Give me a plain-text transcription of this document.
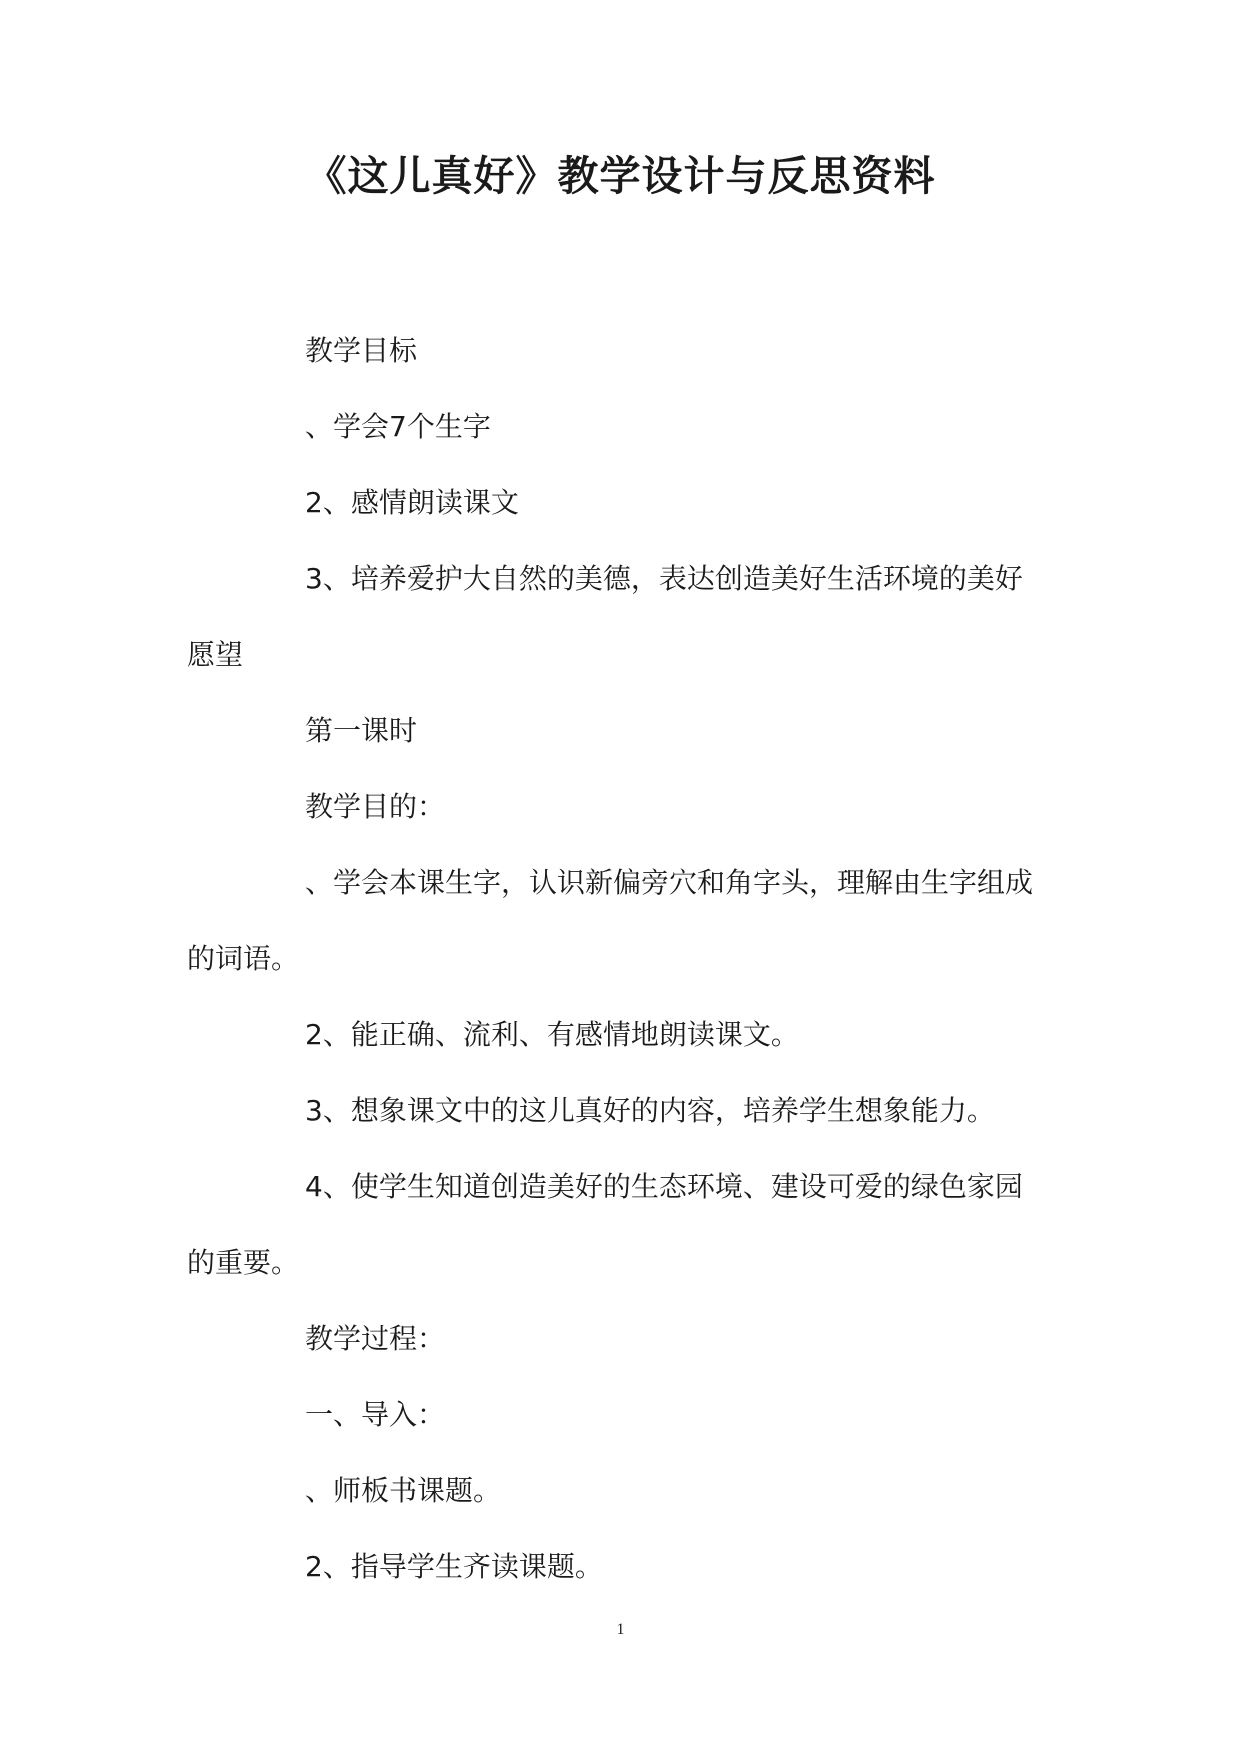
《这儿真好》教学设计与反思资料

教学目标

、学会7个生字

2、感情朗读课文

3、培养爱护大自然的美德，表达创造美好生活环境的美好愿望

第一课时

教学目的：

、学会本课生字，认识新偏旁穴和角字头，理解由生字组成的词语。

2、能正确、流利、有感情地朗读课文。

3、想象课文中的这儿真好的内容，培养学生想象能力。

4、使学生知道创造美好的生态环境、建设可爱的绿色家园的重要。

教学过程：

一、导入：

、师板书课题。

2、指导学生齐读课题。

1
